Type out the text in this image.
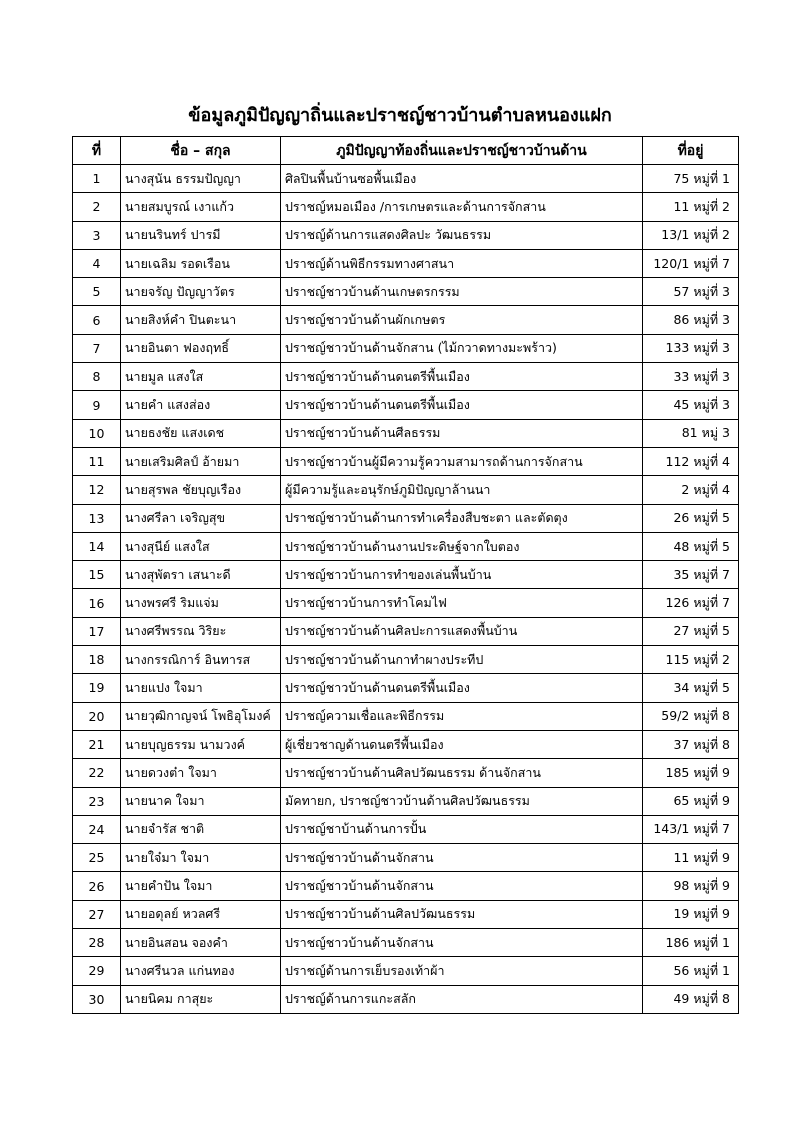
ข้อมูลภูมิปัญญาถิ่นและปราชญ์ชาวบ้านตำบลหนองแฝก
ที่	ชื่อ – สกุล	ภูมิปัญญาท้องถิ่นและปราชญ์ชาวบ้านด้าน	ที่อยู่
1	นางสุนัน ธรรมปัญญา	ศิลปินพื้นบ้านซอพื้นเมือง	75 หมู่ที่ 1
2	นายสมบูรณ์ เงาแก้ว	ปราชญ์หมอเมือง /การเกษตรและด้านการจักสาน	11 หมู่ที่ 2
3	นายนรินทร์ ปารมี	ปราชญ์ด้านการแสดงศิลปะ วัฒนธรรม	13/1 หมู่ที่ 2
4	นายเฉลิม รอดเรือน	ปราชญ์ด้านพิธีกรรมทางศาสนา	120/1 หมู่ที่ 7
5	นายจรัญ ปัญญาวัตร	ปราชญ์ชาวบ้านด้านเกษตรกรรม	57 หมู่ที่ 3
6	นายสิงห์คำ ปินตะนา	ปราชญ์ชาวบ้านด้านผักเกษตร	86 หมู่ที่ 3
7	นายอินตา ฟองฤทธิ์	ปราชญ์ชาวบ้านด้านจักสาน (ไม้กวาดทางมะพร้าว)	133 หมู่ที่ 3
8	นายมูล แสงใส	ปราชญ์ชาวบ้านด้านดนตรีพื้นเมือง	33 หมู่ที่ 3
9	นายคำ แสงส่อง	ปราชญ์ชาวบ้านด้านดนตรีพื้นเมือง	45 หมู่ที่ 3
10	นายธงชัย แสงเดช	ปราชญ์ชาวบ้านด้านศีลธรรม	81 หมู่ 3
11	นายเสริมศิลป์ อ้ายมา	ปราชญ์ชาวบ้านผู้มีความรู้ความสามารถด้านการจักสาน	112 หมู่ที่ 4
12	นายสุรพล ชัยบุญเรือง	ผู้มีความรู้และอนุรักษ์ภูมิปัญญาล้านนา	2 หมู่ที่ 4
13	นางศรีลา เจริญสุข	ปราชญ์ชาวบ้านด้านการทำเครื่องสืบชะตา และตัดตุง	26 หมู่ที่ 5
14	นางสุนีย์ แสงใส	ปราชญ์ชาวบ้านด้านงานประดิษฐ์จากใบตอง	48 หมู่ที่ 5
15	นางสุพัตรา เสนาะดี	ปราชญ์ชาวบ้านการทำของเล่นพื้นบ้าน	35 หมู่ที่ 7
16	นางพรศรี ริมแจ่ม	ปราชญ์ชาวบ้านการทำโคมไฟ	126 หมู่ที่ 7
17	นางศรีพรรณ วิริยะ	ปราชญ์ชาวบ้านด้านศิลปะการแสดงพื้นบ้าน	27 หมู่ที่ 5
18	นางกรรณิการ์ อินทารส	ปราชญ์ชาวบ้านด้านกาทำผางประทีป	115 หมู่ที่ 2
19	นายแปง ใจมา	ปราชญ์ชาวบ้านด้านดนตรีพื้นเมือง	34 หมู่ที่ 5
20	นายวุฒิกาญจน์ โพธิอุโมงค์	ปราชญ์ความเชื่อและพิธีกรรม	59/2 หมู่ที่ 8
21	นายบุญธรรม นามวงค์	ผู้เชี่ยวชาญด้านดนตรีพื้นเมือง	37 หมู่ที่ 8
22	นายดวงต๋า ใจมา	ปราชญ์ชาวบ้านด้านศิลปวัฒนธรรม ด้านจักสาน	185 หมู่ที่ 9
23	นายนาค ใจมา	มัคทายก, ปราชญ์ชาวบ้านด้านศิลปวัฒนธรรม	65 หมู่ที่ 9
24	นายจำรัส ชาติ	ปราชญ์ชาบ้านด้านการปั้น	143/1 หมู่ที่ 7
25	นายใจ๋มา ใจมา	ปราชญ์ชาวบ้านด้านจักสาน	11 หมู่ที่ 9
26	นายคำปัน ใจมา	ปราชญ์ชาวบ้านด้านจักสาน	98 หมู่ที่ 9
27	นายอดุลย์ หวลศรี	ปราชญ์ชาวบ้านด้านศิลปวัฒนธรรม	19 หมู่ที่ 9
28	นายอินสอน จองคำ	ปราชญ์ชาวบ้านด้านจักสาน	186 หมู่ที่ 1
29	นางศรีนวล แก่นทอง	ปราชญ์ด้านการเย็บรองเท้าผ้า	56 หมู่ที่ 1
30	นายนิคม กาสุยะ	ปราชญ์ด้านการแกะสลัก	49 หมู่ที่ 8
